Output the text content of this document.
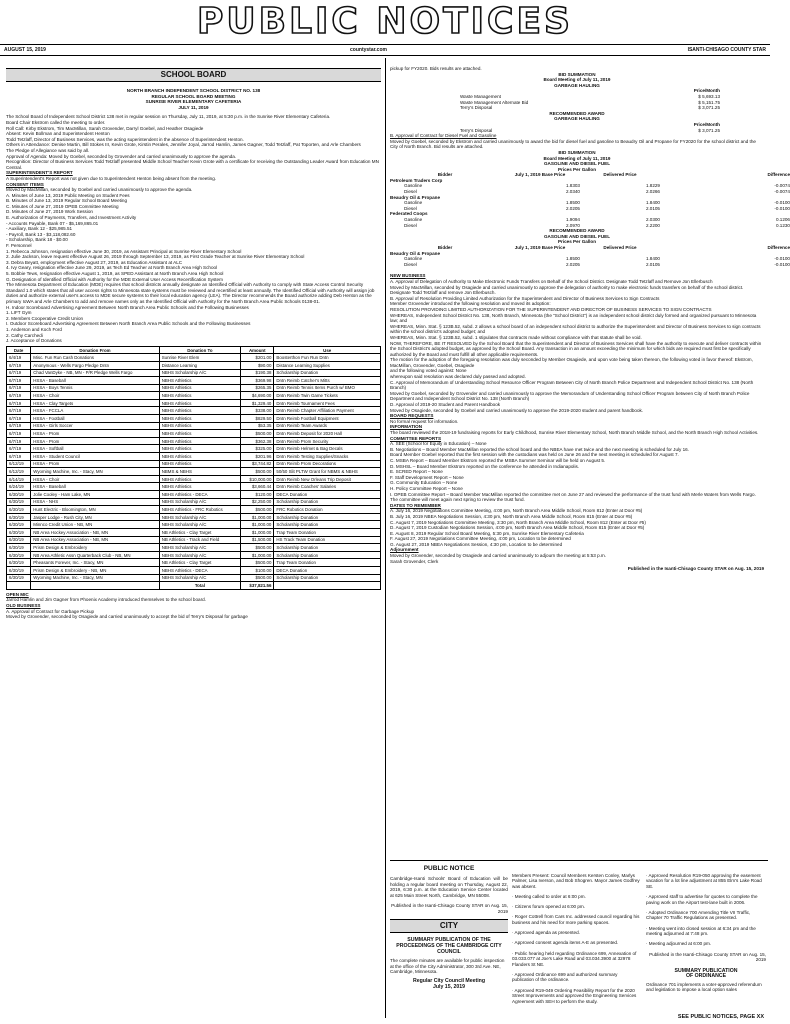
PUBLIC NOTICES
AUGUST 15, 2019	countystar.com	ISANTI-CHISAGO COUNTY STAR
SCHOOL BOARD
NORTH BRANCH INDEPENDENT SCHOOL DISTRICT NO. 138
REGULAR SCHOOL BOARD MEETING
SUNRISE RIVER ELEMENTARY CAFETERIA
JULY 11, 2019

The School Board of Independent School District 138 met in regular session on Thursday, July 11, 2019, at 5:30 p.m. in the Sunrise River Elementary Cafeteria.

Board Chair Ekstrom called the meeting to order.

Roll Call: Kirby Ekstrom, Tim MacMillan, Sarah Grovender, Darryl Goebel, and Heather Osagiede

Absent: Kevin Bollman and Superintendent Henton

Todd Tetzlaff, Director of Business Services, was the acting superintendent in the absence of Superintendent Henton.

Others in Attendance: Denise Martin, Bill Stokes III, Kevin Grote, Kirstin Perales, Jennifer Joyal, Jarrod Hamlin, James Gagner, Todd Tetzlaff, Pat Toporten, and Arle Chambers

The Pledge of Allegiance was said by all.

Approval of Agenda: Moved by Goebel, seconded by Grovender and carried unanimously to approve the agenda.

Recognition: Director of Business Services Todd Tetzlaff presented Middle School Teacher Kevin Grote with a certificate for receiving the Outstanding Leader Award from Education MN Central.

SUPERINTENDENT'S REPORT

A Superintendent's Report was not given due to Superintendent Henton being absent from the meeting.

CONSENT ITEMS

Moved by MacMillan, seconded by Goebel and carried unanimously to approve the agenda.

A. Minutes of June 13, 2019 Public Meeting on Student Fees

B. Minutes of June 13, 2019 Regular School Board Meeting

C. Minutes of June 27, 2019 OPEB Committee Meeting

D. Minutes of June 27, 2019 Work Session

E. Authorization of Payments, Transfers, and Investment Activity

- Accounts Payable, Bank 07 - $5,169,865.01

- Auxiliary, Bank 12 - $25,985.51

- Payroll, Bank 13 - $3,118,082.60

- Scholarship, Bank 18 - $0.00

F. Personnel

1. Rebecca Johnson, resignation effective June 30, 2019, as Assistant Principal at Sunrise River Elementary School

2. Julie Jackson, leave request effective August 26, 2019 through September 13, 2019, as First Grade Teacher at Sunrise River Elementary School

3. Debra Beyatt, employment effective August 27, 2019, as Education Assistant at ALC

4. Ivy Geary, resignation effective June 29, 2019, as Tech Ed Teacher at North Branch Area High School

5. Bobbie Tews, resignation effective August 1, 2019, as SPED Assistant at North Branch Area High School

G. Designation of Identified Official with Authority for the MDE External User Access Recertification System

The Minnesota Department of Education (MDE) requires that school districts annually designate an Identified Official with Authority to comply with State Access Control Security Standard 1.0 which states that all user access rights to Minnesota state systems must be reviewed and recertified at least annually. The Identified Official with Authority will assign job duties and authorize external user's access to MDE secure systems to their local education agency (LEA). The Director recommends the Board authorize adding Deb Henton as the primary IoWA and Arle Chambers to add and remove names only as the Identified Official with Authority for the North Branch Area Public Schools 0138-01.

H. Indoor Scoreboard Advertising Agreement Between North Branch Area Public Schools and the Following Businesses

1. LIFT Gym

2. Members Cooperative Credit Union

I. Outdoor Scoreboard Advertising Agreement Between North Branch Area Public Schools and the Following Businesses

1. Anderson and Koch Ford

2. Cathy Carchedi

J. Acceptance of Donations

Date	Donation From	Donation To	Amount	Use
6/4/19	Misc. Fun Run Cash Donations	Sunrise River Elem	$201.00	Boosterthon Fun Run Dntn
6/7/19	Anonymous - Wells Fargo Pledge Dntn	Distance Learning	$90.00	Distance Learning Supplies
6/7/19	Chad VanDyke - NB, MN - P/R Pledge Wells Fargo	NBHS Scholarship A/C	$190.38	Scholarship Donation
6/7/19	HSSA - Baseball	NBHS Athletics	$369.98	Dntn Reimb Catcher's Mitts
6/7/19	HSSA - Boys Tennis	NBHS Athletics	$265.35	Dntn Reimb Tennis Items Purch w/ BMO
6/7/19	HSSA - Choir	NBHS Athletics	$4,690.00	Dntn Reimb Twin Game Tickets
6/7/19	HSSA - Clay Targets	NBHS Athletics	$1,329.40	Dntn Reimb Tournament Fees
6/7/19	HSSA - FCCLA	NBHS Athletics	$338.00	Dntn Reimb Chapter Affiliation Payment
6/7/19	HSSA - Football	NBHS Athletics	$829.50	Dntn Reimb Football Equipment
6/7/19	HSSA - Girls Soccer	NBHS Athletics	$53.35	Dntn Reimb Team Awards
6/7/19	HSSA - Prom	NBHS Athletics	$500.00	Dntn Reimb Deposit for 2020 Hall
6/7/19	HSSA - Prom	NBHS Athletics	$362.38	Dntn Reimb Prom Security
6/7/19	HSSA - Softball	NBHS Athletics	$325.00	Dntn Reimb Helmet & Bag Decals
6/7/19	HSSA - Student Council	NBHS Athletics	$201.96	Dntn Reimb Testing Supplies/Snacks
6/12/19	HSSA - Prom	NBHS Athletics	$3,744.82	Dntn Reimb Prom Decorations
6/12/19	Wyoming Machine, Inc. - Stacy, MN	NBMS & NBHS	$500.00	50/50 Slit PLTW Grant for NBMS & NBHS
6/14/19	HSSA - Choir	NBHS Athletics	$10,000.00	Dntn Reimb New Orleans Trip Deposit
6/24/19	HSSA - Baseball	NBHS Athletics	$3,660.44	Dntn Reimb Coaches' Salaries
6/30/19	Jolie Cooley - Ham Lake, MN	NBHS Athletics - DECA	$120.00	DECA Donation
6/30/19	HSSA - NHS	NBHS Scholarship A/C	$2,250.00	Scholarship Donation
6/30/19	Hunt Electric - Bloomington, MN	NBHS Athletics - FRC Robotics	$500.00	FRC Robotics Donation
6/30/19	Jasper Lodge - Rush City, MN	NBHS Scholarship A/C	$1,000.00	Scholarship Donation
6/30/19	Minnco Credit Union - NB, MN	NBHS Scholarship A/C	$1,000.00	Scholarship Donation
6/30/19	NB Area Hockey Association - NB, MN	NB Athletics - Clay Target	$1,000.00	Trap Team Donation
6/30/19	NB Area Hockey Association - NB, MN	NB Athletics - Track and Field	$1,500.00	HS Track Team Donation
6/30/19	Prism Design & Embroidery	NBHS Scholarship A/C	$500.00	Scholarship Donation
6/30/19	NB Area Athletic Assn Quarterback Club - NB, MN	NBHS Scholarship A/C	$1,000.00	Scholarship Donation
6/30/19	Pheasants Forever, Inc. - Stacy, MN	NB Athletics - Clay Target	$500.00	Trap Team Donation
6/30/19	Prism Design & Embroidery - NB, MN	NBHS Athletics - DECA	$100.00	DECA Donation
6/30/19	Wyoming Machine, Inc. - Stacy, MN	NBHS Scholarship A/C	$500.00	Scholarship Donation
		Total	$37,821.56	

OPEN MIC

Jarrod Hamlin and Jim Gagner from Phoenix Academy introduced themselves to the school board.

OLD BUSINESS

A. Approval of Contract for Garbage Pickup

Moved by Grovender, seconded by Osagiede and carried unanimously to accept the bid of Terry's Disposal for garbage

pickup for FY2020. Bids results are attached.

BID SUMMATION
Board Meeting of July 11, 2019
GARBAGE HAULING
Price/Month
Waste Management	$ 5,693.13
Waste Management Alternate Bid	$ 5,151.75
Terry's Disposal	$ 3,071.25
RECOMMENDED AWARD
GARBAGE HAULING
Price/Month
Terry's Disposal	$ 3,071.25

B. Approval of Contract for Diesel Fuel and Gasoline

Moved by Goebel, seconded by Ekstrom and carried unanimously to award the bid for diesel fuel and gasoline to Beaudry Oil and Propane for FY2020 for the school district and the City of North Branch. Bid results are attached.

BID SUMMATION
Board Meeting of July 11, 2019
GASOLINE AND DIESEL FUEL
Prices Per Gallon
Bidder	July 1, 2019 Base Price	Delivered Price	Difference
Petroleum Traders Corp
Gasoline	1.8303	1.8229	-0.0074
Diesel	2.0340	2.0266	-0.0074
Beaudry Oil & Propane
Gasoline	1.8500	1.8400	-0.0100
Diesel	2.0205	2.0105	-0.0100
Federated Coops
Gasoline	1.9094	2.0300	0.1206
Diesel	2.0970	2.2200	0.1230
RECOMMENDED AWARD
GASOLINE AND DIESEL FUEL
Prices Per Gallon
Bidder	July 1, 2019 Base Price	Delivered Price	Difference
Beaudry Oil & Propane
Gasoline	1.8500	1.8400	-0.0100
Diesel	2.0205	2.0105	-0.0100

NEW BUSINESS

A. Approval of Delegation of Authority to Make Electronic Funds Transfers on Behalf of the School District. Designate Todd Tetzlaff and Remove Jon Ellerbusch

Moved by MacMillan, seconded by Osagiede and carried unanimously to approve the delegation of authority to make electronic funds transfers on behalf of the school district. Designate Todd Tetzlaff and remove Jon Ellerbusch.

B. Approval of Resolution Providing Limited Authorization for the Superintendent and Director of Business Services to Sign Contracts

Member Grovender introduced the following resolution and moved its adoption:

RESOLUTION PROVIDING LIMITED AUTHORIZATION FOR THE SUPERINTENDENT AND DIRECTOR OF BUSINESS SERVICES TO SIGN CONTRACTS

WHEREAS, Independent School District No. 138, North Branch, Minnesota (the "School District") is an independent school district duly formed and organized pursuant to Minnesota law; and

WHEREAS, Minn. Stat. § 123B.52, subd. 2 allows a school board of an independent school district to authorize the Superintendent and Director of Business Services to sign contracts within the school district's adopted budget; and

WHEREAS, Minn. Stat. § 123B.52, subd. 1 stipulates that contracts made without compliance with that statute shall be void.

NOW, THEREFORE, BE IT RESOLVED by the School Board that the Superintendent and Director of Business Services shall have the authority to execute and deliver contracts within the School District's adopted budget, as approved by the School Board. Any transaction in an amount exceeding the minimum for which bids are required must first be specifically authorized by the Board and must fulfill all other applicable requirements.

The motion for the adoption of the foregoing resolution was duly seconded by Member Osagiede, and upon vote being taken thereon, the following voted in favor thereof: Ekstrom, MacMillan, Grovender, Goebel, Osagiede

and the following voted against: None

whereupon said resolution was declared duly passed and adopted.

C. Approval of Memorandum of Understanding School Resource Officer Program Between City of North Branch Police Department and Independent School District No. 138 (North Branch)

Moved by Goebel, seconded by Grovender and carried unanimously to approve the Memorandum of Understanding School Officer Program between City of North Branch Police Department and Independent School District No. 138 (North Branch)

D. Approval of 2019-20 Student and Parent Handbook

Moved by Osagiede, seconded by Goebel and carried unanimously to approve the 2019-2020 student and parent handbook.

BOARD REQUESTS

No formal request for information.

INFORMATION

The board reviewed the 2018-19 fundraising reports for Early Childhood, Sunrise River Elementary School, North Branch Middle School, and the North Branch High School Activities.

COMMITTEE REPORTS

A. SEE (School for Equity in Education) – None

B. Negotiations – Board Member MacMillan reported the school board and the NBEA have met twice and the next meeting is scheduled for July 16.

Board Member Goebel reported that the first session with the custodians was held on June 26 and the next meeting is scheduled for August 7.

C. MSBA Report – Board Member Ekstrom reported the MSBA Summer Seminar will be held on August 5.

D. MSHSL – Board Member Ekstrom reported on the conference he attended in Indianapolis.

E. SCRED Report – None

F. Staff Development Report – None

G. Community Education – None

H. Policy Committee Report – None

I. OPEB Committee Report – Board Member MacMillan reported the committee met on June 27 and reviewed the performance of the trust fund with Merle Waters from Wells Fargo. The committee will meet again next spring to review the trust fund.

DATES TO REMEMBER

A. July 16, 2019 Negotiations Committee Meeting, 4:00 pm, North Branch Area Middle School, Room 812 (Enter at Door #5)

B. July 16, 2019 NBEA Negotiations Session, 4:30 pm, North Branch Area Middle School, Room 815 (Enter at Door #5)

C. August 7, 2019 Negotiations Committee Meeting, 3:30 pm, North Branch Area Middle School, Room 812 (Enter at Door #5)

D. August 7, 2019 Custodian Negotiations Session, 4:00 pm, North Branch Area Middle School, Room 815 (Enter at Door #5)

E. August 8, 2019 Regular School Board Meeting, 5:30 pm, Sunrise River Elementary Cafeteria

F. August 27, 2019 Negotiations Committee Meeting, 4:00 pm, Location to be determined

G. August 27, 2019 NBEA Negotiations Session, 4:30 pm, Location to be determined

Adjournment

Moved by Grovender, seconded by Osagiede and carried unanimously to adjourn the meeting at 5:53 p.m.

Sarah Grovender, Clerk

Published in the Isanti-Chisago County STAR on Aug. 15, 2019

PUBLIC NOTICE

Cambridge-Isanti Schools' Board of Education will be holding a regular board meeting on Thursday, August 22, 2019, 6:30 p.m. at the Education Service Center located at 625 Main Street North, Cambridge, MN 55008.

Published in the Isanti-Chisago County STAR on Aug. 15, 2019

CITY
SUMMARY PUBLICATION OF THE PROCEEDINGS OF THE CAMBRIDGE CITY COUNCIL

The complete minutes are available for public inspection at the office of the City Administrator, 300 3rd Ave. NE, Cambridge, Minnesota.

Regular City Council Meeting
July 15, 2019

Members Present: Council Members Kersten Conley, Marlys Palmer, Lisa Iverson, and Bob Shogren. Mayor James Godfrey was absent.

· Meeting called to order at 6:00 pm.

· Citizens forum opened at 6:00 pm.

· Roger Cottrell from Cars Inc. addressed council regarding his business and his need for more parking spaces.

· Approved agenda as presented.

· Approved consent agenda items A-E as presented.

· Public hearing held regarding Ordinance 699, Annexation of 03.033.077 at Joe's Lake Road and 03.034.3900 at 32978 Flanders St NE.

· Approved Ordinance 699 and authorized summary publication of the ordinance.

· Approved R19-049 Ordering Feasibility Report for the 2020 Street Improvements and approved the Engineering Services Agreement with SEH to perform the study.

· Approved Resolution R19-050 approving the easement vacation for a lot line adjustment at 855 Elm's Lake Road SE.

· Approved staff to advertise for quotes to complete the paving work on the Airport test-lane built in 2006.

· Adopted Ordinance 700 Amending Title VII Traffic, Chapter 70 Traffic Regulations as presented.

· Meeting went into closed session at 6:34 pm and the meeting adjourned at 7:48 pm.

· Meeting adjourned at 6:00 pm.

Published in the Isanti-Chisago County STAR on Aug. 15, 2019

SUMMARY PUBLICATION
OF ORDINANCE

Ordinance 701 implements a voter-approved referendum and legislation to impose a local option sales

SEE PUBLIC NOTICES, PAGE XX
